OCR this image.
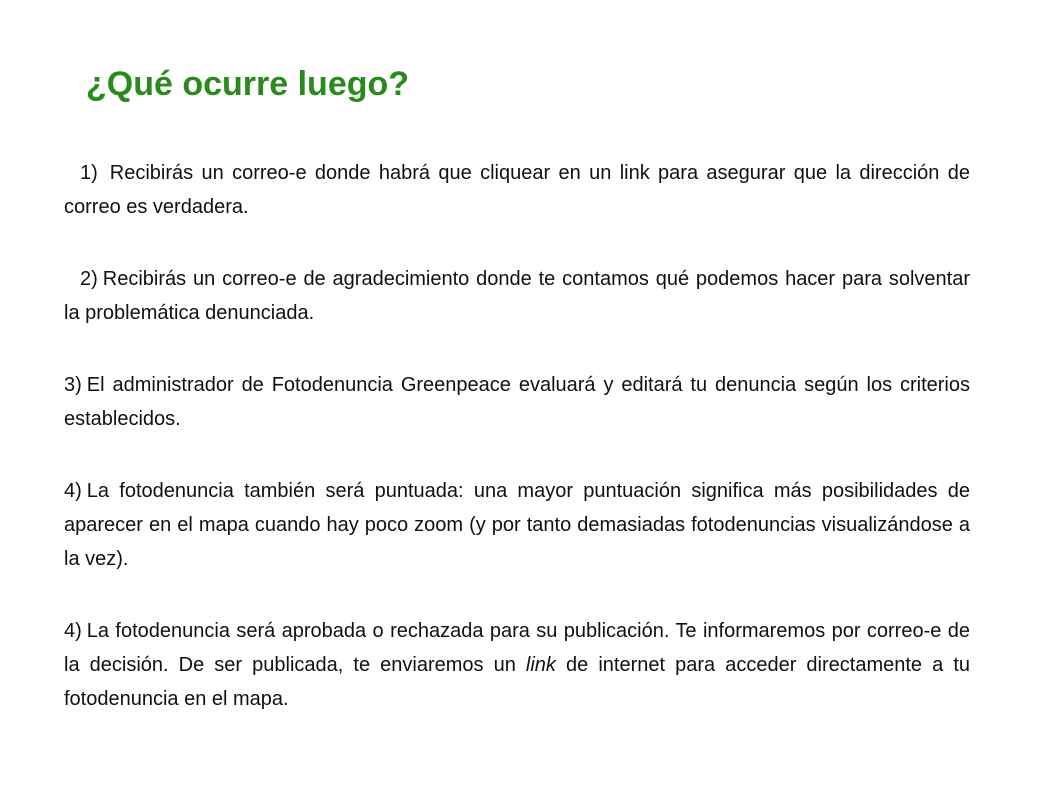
¿Qué ocurre luego?

1) Recibirás un correo-e donde habrá que cliquear en un link para asegurar que la dirección de correo es verdadera.

2) Recibirás un correo-e de agradecimiento donde te contamos qué podemos hacer para solventar la problemática denunciada.

3) El administrador de Fotodenuncia Greenpeace evaluará y editará tu denuncia según los criterios establecidos.

4) La fotodenuncia también será puntuada: una mayor puntuación significa más posibilidades de aparecer en el mapa cuando hay poco zoom (y por tanto demasiadas fotodenuncias visualizándose a la vez).

4) La fotodenuncia será aprobada o rechazada para su publicación. Te informaremos por correo-e de la decisión. De ser publicada, te enviaremos un link de internet para acceder directamente a tu fotodenuncia en el mapa.
